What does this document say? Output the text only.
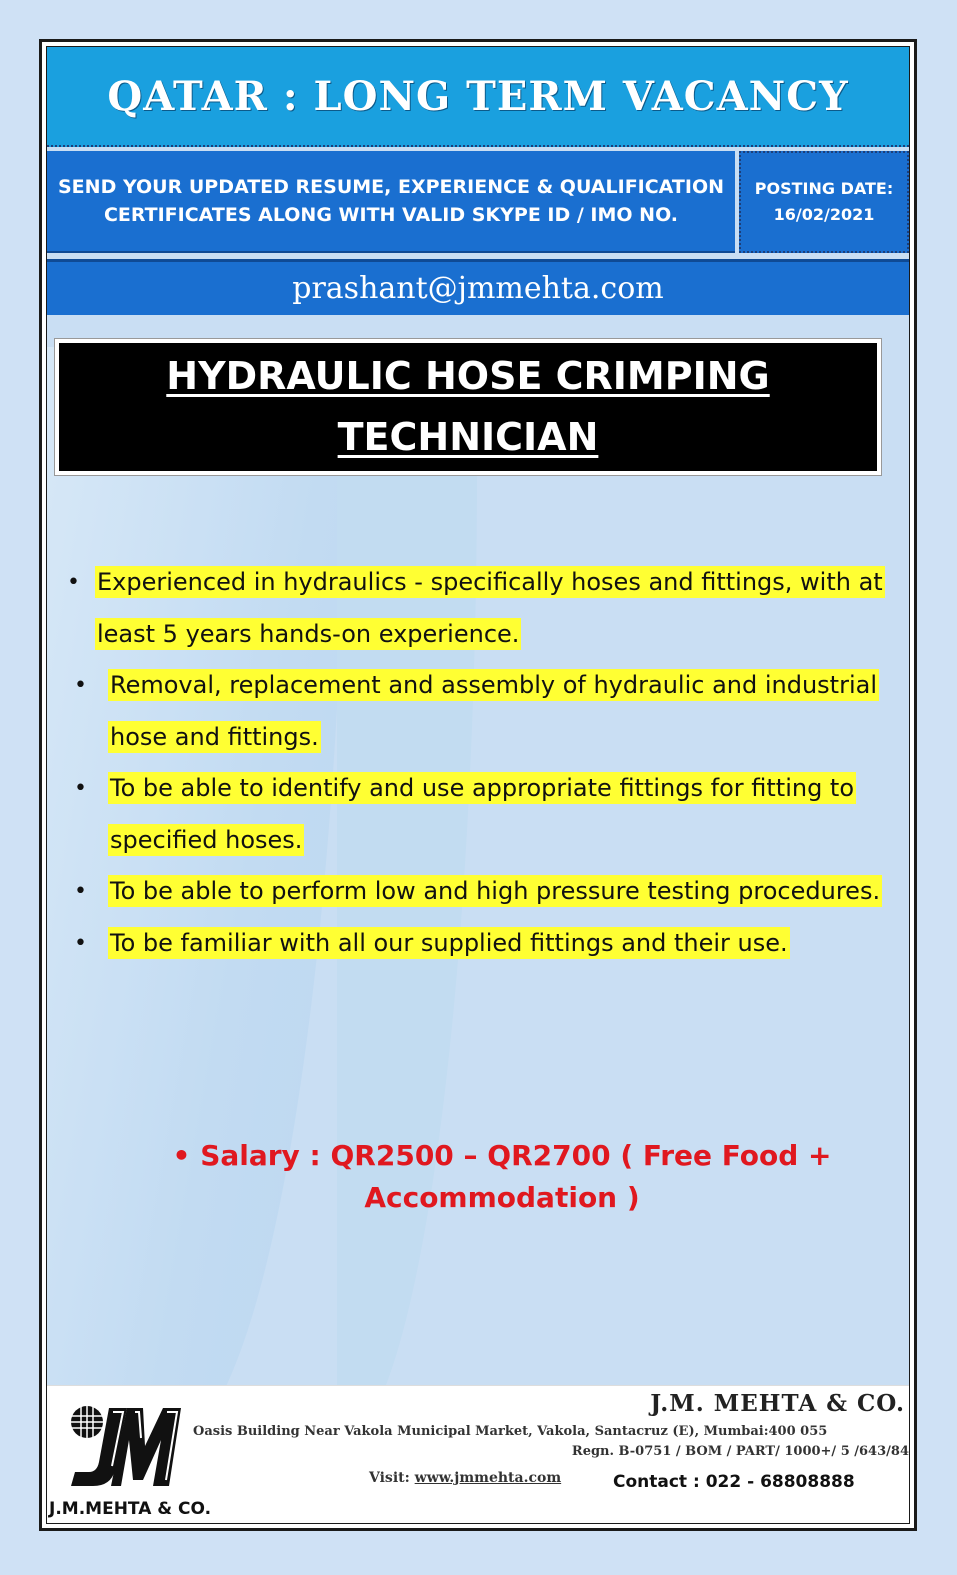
QATAR : LONG TERM VACANCY
SEND YOUR UPDATED RESUME, EXPERIENCE & QUALIFICATION
CERTIFICATES ALONG WITH VALID SKYPE ID / IMO NO.
POSTING DATE:
16/02/2021
prashant@jmmehta.com
HYDRAULIC HOSE CRIMPING
TECHNICIAN
• Experienced in hydraulics - specifically hoses and fittings, with at least 5 years hands-on experience.
• Removal, replacement and assembly of hydraulic and industrial hose and fittings.
• To be able to identify and use appropriate fittings for fitting to specified hoses.
• To be able to perform low and high pressure testing procedures.
• To be familiar with all our supplied fittings and their use.
• Salary : QR2500 – QR2700 ( Free Food +
Accommodation )
J.M.MEHTA & CO.
J.M. MEHTA & CO.
Oasis Building Near Vakola Municipal Market, Vakola, Santacruz (E), Mumbai:400 055
Regn. B-0751 / BOM / PART/ 1000+/ 5 /643/84
Visit: www.jmmehta.com	Contact : 022 - 68808888
